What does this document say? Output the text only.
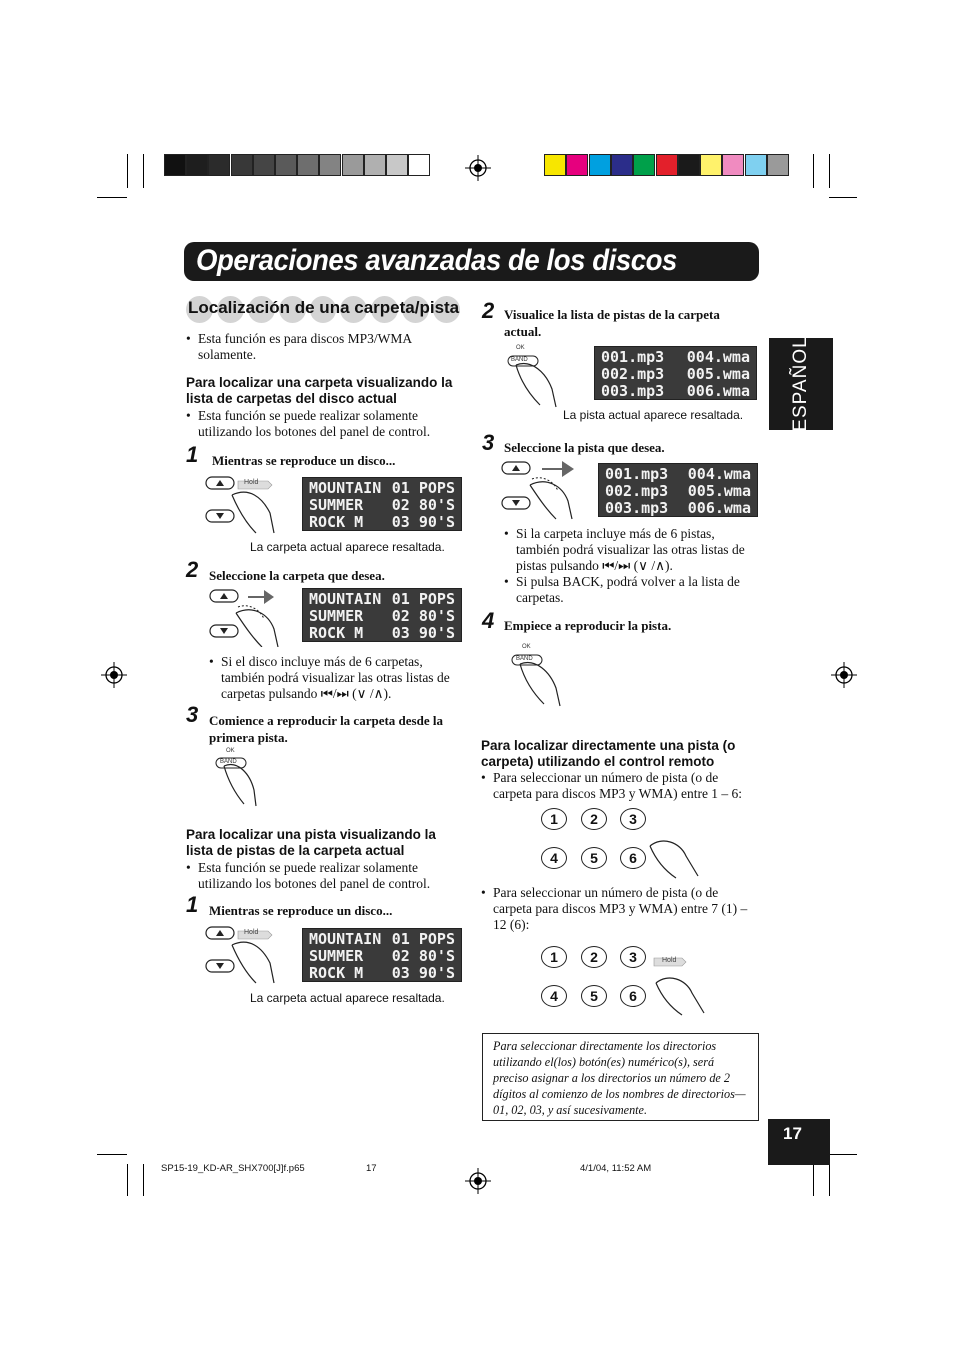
Operaciones avanzadas de los discos
ESPAÑOL
Localización de una carpeta/pista
• Esta función es para discos MP3/WMA solamente.
Para localizar una carpeta visualizando la lista de carpetas del disco actual
• Esta función se puede realizar solamente utilizando los botones del panel de control.
1 Mientras se reproduce un disco...
Hold	MOUNTAIN 01 POPS
SUMMER 02 80'S
ROCK M 03 90'S
La carpeta actual aparece resaltada.
2 Seleccione la carpeta que desea.
MOUNTAIN 01 POPS
SUMMER 02 80'S
ROCK M 03 90'S
• Si el disco incluye más de 6 carpetas, también podrá visualizar las otras listas de carpetas pulsando ⏮/⏭ (∨ /∧).
3 Comience a reproducir la carpeta desde la primera pista.
OK
BAND
Para localizar una pista visualizando la lista de pistas de la carpeta actual
• Esta función se puede realizar solamente utilizando los botones del panel de control.
1 Mientras se reproduce un disco...
Hold	MOUNTAIN 01 POPS
SUMMER 02 80'S
ROCK M 03 90'S
La carpeta actual aparece resaltada.
2 Visualice la lista de pistas de la carpeta actual.
OK
BAND	001.mp3 004.wma
002.mp3 005.wma
003.mp3 006.wma
La pista actual aparece resaltada.
3 Seleccione la pista que desea.
001.mp3 004.wma
002.mp3 005.wma
003.mp3 006.wma
• Si la carpeta incluye más de 6 pistas, también podrá visualizar las otras listas de pistas pulsando ⏮/⏭ (∨ /∧).
• Si pulsa BACK, podrá volver a la lista de carpetas.
4 Empiece a reproducir la pista.
OK
BAND
Para localizar directamente una pista (o carpeta) utilizando el control remoto
• Para seleccionar un número de pista (o de carpeta para discos MP3 y WMA) entre 1 – 6:
1	2	3
4	5	6
• Para seleccionar un número de pista (o de carpeta para discos MP3 y WMA) entre 7 (1) – 12 (6):
1	2	3
4	5	6
Hold

Para seleccionar directamente los directorios utilizando el(los) botón(es) numérico(s), será preciso asignar a los directorios un número de 2 dígitos al comienzo de los nombres de directorios—01, 02, 03, y así sucesivamente.

17
SP15-19_KD-AR_SHX700[J]f.p65	17	4/1/04, 11:52 AM
